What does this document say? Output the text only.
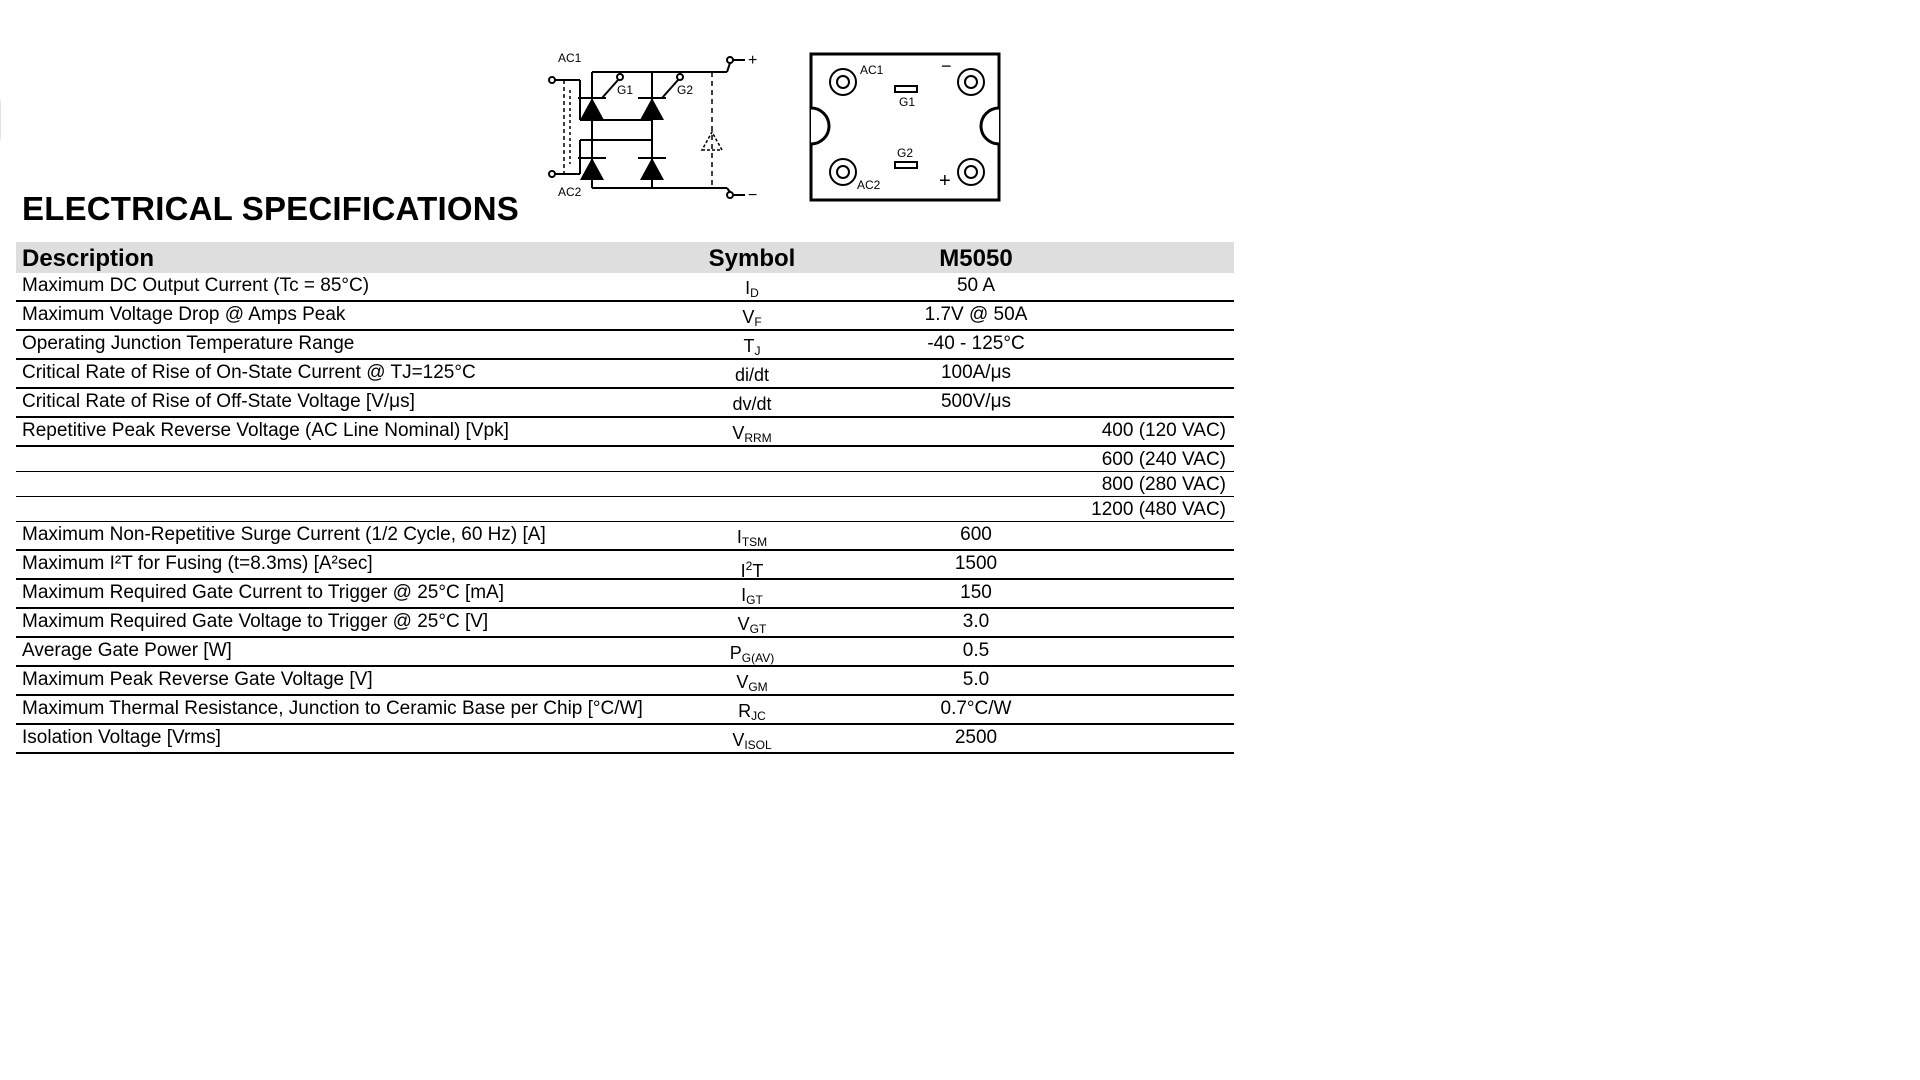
AC1
AC2
G1	G2
+
−
AC1
AC2
G1
G2
−
+
ELECTRICAL SPECIFICATIONS
Description	Symbol	M5050
Maximum DC Output Current (Tc = 85°C)	$I_D$	50 A
Maximum Voltage Drop @ Amps Peak	$V_F$	1.7V @ 50A
Operating Junction Temperature Range	$T_J$	-40 - 125°C
Critical Rate of Rise of On-State Current @ TJ=125°C	di/dt	100A/μs
Critical Rate of Rise of Off-State Voltage [V/μs]	dv/dt	500V/μs
Repetitive Peak Reverse Voltage (AC Line Nominal) [Vpk]	$V_{RRM}$	400 (120 VAC)
600 (240 VAC)
800 (280 VAC)
1200 (480 VAC)
Maximum Non-Repetitive Surge Current (1/2 Cycle, 60 Hz) [A]	$I_{TSM}$	600
Maximum I²T for Fusing (t=8.3ms) [A²sec]	$I^2T$	1500
Maximum Required Gate Current to Trigger @ 25°C [mA]	$I_{GT}$	150
Maximum Required Gate Voltage to Trigger @ 25°C [V]	$V_{GT}$	3.0
Average Gate Power [W]	$P_{G(AV)}$	0.5
Maximum Peak Reverse Gate Voltage [V]	$V_{GM}$	5.0
Maximum Thermal Resistance, Junction to Ceramic Base per Chip [°C/W]	$R_{JC}$	0.7°C/W
Isolation Voltage [Vrms]	$V_{ISOL}$	2500
